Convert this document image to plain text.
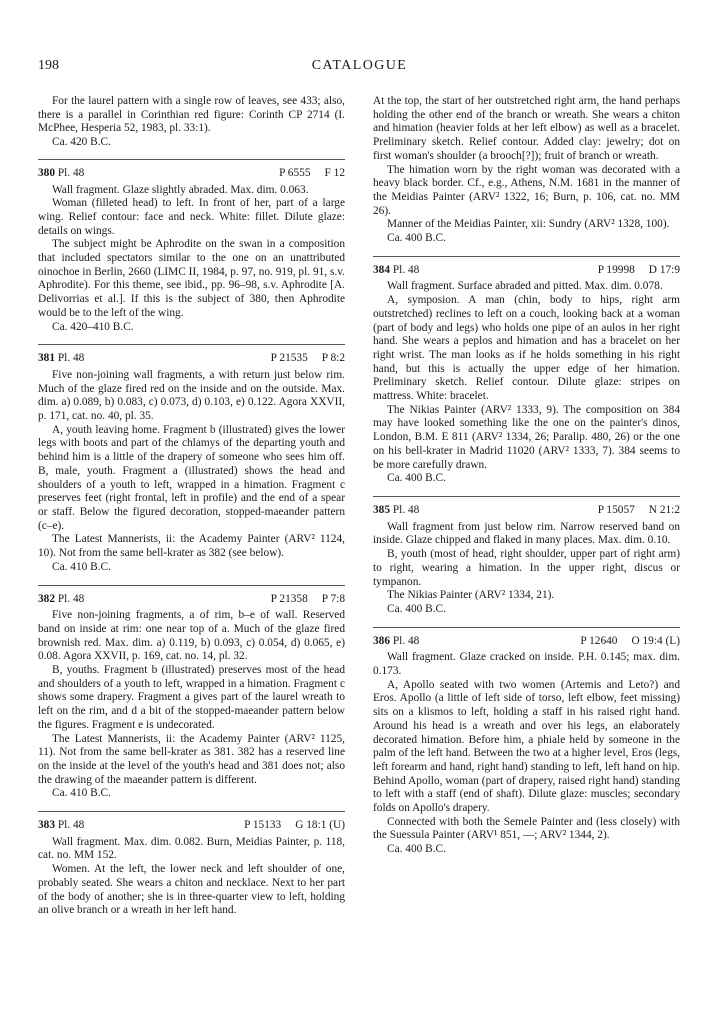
198	CATALOGUE

For the laurel pattern with a single row of leaves, see 433; also, there is a parallel in Corinthian red figure: Corinth CP 2714 (I. McPhee, Hesperia 52, 1983, pl. 33:1).

Ca. 420 B.C.

380 Pl. 48	P 6555 F 12

Wall fragment. Glaze slightly abraded. Max. dim. 0.063.

Woman (filleted head) to left. In front of her, part of a large wing. Relief contour: face and neck. White: fillet. Dilute glaze: details on wings.

The subject might be Aphrodite on the swan in a composition that included spectators similar to the one on an unattributed oinochoe in Berlin, 2660 (LIMC II, 1984, p. 97, no. 919, pl. 91, s.v. Aphrodite). For this theme, see ibid., pp. 96–98, s.v. Aphrodite [A. Delivorrias et al.]. If this is the subject of 380, then Aphrodite would be to the left of the wing.

Ca. 420–410 B.C.

381 Pl. 48	P 21535 P 8:2

Five non-joining wall fragments, a with return just below rim. Much of the glaze fired red on the inside and on the outside. Max. dim. a) 0.089, b) 0.083, c) 0.073, d) 0.103, e) 0.122. Agora XXVII, p. 171, cat. no. 40, pl. 35.

A, youth leaving home. Fragment b (illustrated) gives the lower legs with boots and part of the chlamys of the departing youth and behind him is a little of the drapery of someone who sees him off. B, male, youth. Fragment a (illustrated) shows the head and shoulders of a youth to left, wrapped in a himation. Fragment c preserves feet (right frontal, left in profile) and the end of a spear or staff. Below the figured decoration, stopped-maeander pattern (c–e).

The Latest Mannerists, ii: the Academy Painter (ARV² 1124, 10). Not from the same bell-krater as 382 (see below).

Ca. 410 B.C.

382 Pl. 48	P 21358 P 7:8

Five non-joining fragments, a of rim, b–e of wall. Reserved band on inside at rim: one near top of a. Much of the glaze fired brownish red. Max. dim. a) 0.119, b) 0.093, c) 0.054, d) 0.065, e) 0.08. Agora XXVII, p. 169, cat. no. 14, pl. 32.

B, youths. Fragment b (illustrated) preserves most of the head and shoulders of a youth to left, wrapped in a himation. Fragment c shows some drapery. Fragment a gives part of the laurel wreath to left on the rim, and d a bit of the stopped-maeander pattern below the figures. Fragment e is undecorated.

The Latest Mannerists, ii: the Academy Painter (ARV² 1125, 11). Not from the same bell-krater as 381. 382 has a reserved line on the inside at the level of the youth's head and 381 does not; also the drawing of the maeander pattern is different.

Ca. 410 B.C.

383 Pl. 48	P 15133 G 18:1 (U)

Wall fragment. Max. dim. 0.082. Burn, Meidias Painter, p. 118, cat. no. MM 152.

Women. At the left, the lower neck and left shoulder of one, probably seated. She wears a chiton and necklace. Next to her part of the body of another; she is in three-quarter view to left, holding an olive branch or a wreath in her left hand.

At the top, the start of her outstretched right arm, the hand perhaps holding the other end of the branch or wreath. She wears a chiton and himation (heavier folds at her left elbow) as well as a bracelet. Preliminary sketch. Relief contour. Added clay: jewelry; dot on first woman's shoulder (a brooch[?]); fruit of branch or wreath.

The himation worn by the right woman was decorated with a heavy black border. Cf., e.g., Athens, N.M. 1681 in the manner of the Meidias Painter (ARV² 1322, 16; Burn, p. 106, cat. no. MM 26).

Manner of the Meidias Painter, xii: Sundry (ARV² 1328, 100).

Ca. 400 B.C.

384 Pl. 48	P 19998 D 17:9

Wall fragment. Surface abraded and pitted. Max. dim. 0.078.

A, symposion. A man (chin, body to hips, right arm outstretched) reclines to left on a couch, looking back at a woman (part of body and legs) who holds one pipe of an aulos in her right hand. She wears a peplos and himation and has a bracelet on her right wrist. The man looks as if he holds something in his right hand, but this is actually the upper edge of her himation. Preliminary sketch. Relief contour. Dilute glaze: stripes on mattress. White: bracelet.

The Nikias Painter (ARV² 1333, 9). The composition on 384 may have looked something like the one on the painter's dinos, London, B.M. E 811 (ARV² 1334, 26; Paralip. 480, 26) or the one on his bell-krater in Madrid 11020 (ARV² 1333, 7). 384 seems to be more carefully drawn.

Ca. 400 B.C.

385 Pl. 48	P 15057 N 21:2

Wall fragment from just below rim. Narrow reserved band on inside. Glaze chipped and flaked in many places. Max. dim. 0.10.

B, youth (most of head, right shoulder, upper part of right arm) to right, wearing a himation. In the upper right, discus or tympanon.

The Nikias Painter (ARV² 1334, 21).

Ca. 400 B.C.

386 Pl. 48	P 12640 O 19:4 (L)

Wall fragment. Glaze cracked on inside. P.H. 0.145; max. dim. 0.173.

A, Apollo seated with two women (Artemis and Leto?) and Eros. Apollo (a little of left side of torso, left elbow, feet missing) sits on a klismos to left, holding a staff in his raised right hand. Around his head is a wreath and over his legs, an elaborately decorated himation. Before him, a phiale held by someone in the palm of the left hand. Between the two at a higher level, Eros (legs, left forearm and hand, right hand) standing to left, left hand on hip. Behind Apollo, woman (part of drapery, raised right hand) standing to left with a staff (end of shaft). Dilute glaze: muscles; secondary folds on Apollo's drapery.

Connected with both the Semele Painter and (less closely) with the Suessula Painter (ARV¹ 851, —; ARV² 1344, 2).

Ca. 400 B.C.
